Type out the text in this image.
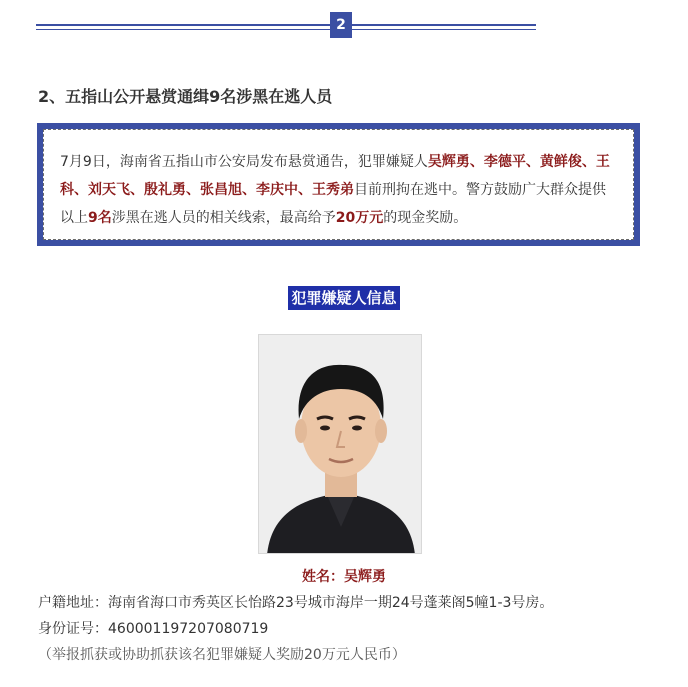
2
2、五指山公开悬赏通缉9名涉黑在逃人员
7月9日，海南省五指山市公安局发布悬赏通告，犯罪嫌疑人吴辉勇、李德平、黄鲜俊、王科、刘天飞、殷礼勇、张昌旭、李庆中、王秀弟目前刑拘在逃中。警方鼓励广大群众提供以上9名涉黑在逃人员的相关线索，最高给予20万元的现金奖励。
犯罪嫌疑人信息
姓名：吴辉勇
户籍地址：海南省海口市秀英区长怡路23号城市海岸一期24号蓬莱阁5幢1-3号房。
身份证号：460001197207080719
（举报抓获或协助抓获该名犯罪嫌疑人奖励20万元人民币）
